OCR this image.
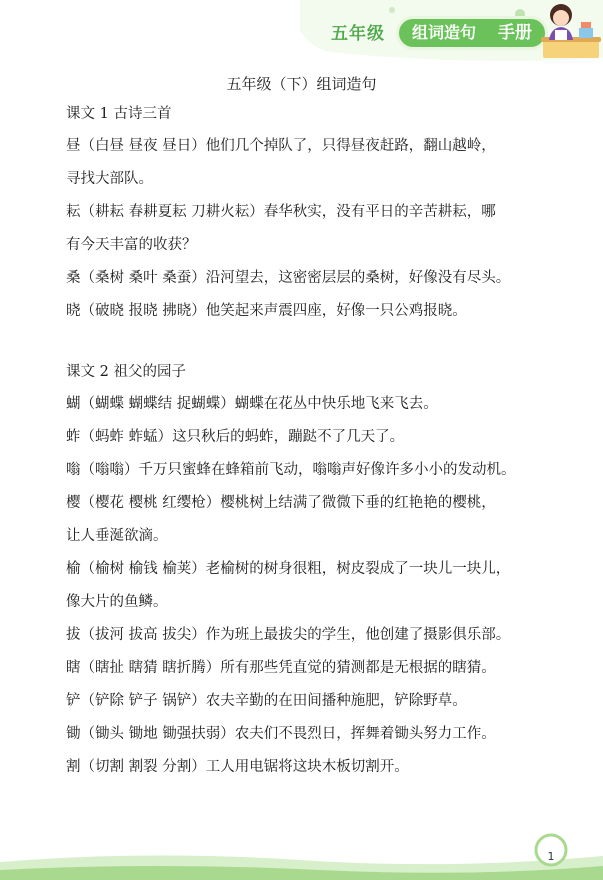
五年级	组词造句	手册
五年级（下）组词造句
课文 1 古诗三首
昼（白昼 昼夜 昼日）他们几个掉队了，只得昼夜赶路，翻山越岭，
寻找大部队。
耘（耕耘 春耕夏耘 刀耕火耘）春华秋实，没有平日的辛苦耕耘，哪
有今天丰富的收获？
桑（桑树 桑叶 桑蚕）沿河望去，这密密层层的桑树，好像没有尽头。
晓（破晓 报晓 拂晓）他笑起来声震四座，好像一只公鸡报晓。
课文 2 祖父的园子
蝴（蝴蝶 蝴蝶结 捉蝴蝶）蝴蝶在花丛中快乐地飞来飞去。
蚱（蚂蚱 蚱蜢）这只秋后的蚂蚱，蹦跶不了几天了。
嗡（嗡嗡）千万只蜜蜂在蜂箱前飞动，嗡嗡声好像许多小小的发动机。
樱（樱花 樱桃 红缨枪）樱桃树上结满了微微下垂的红艳艳的樱桃，
让人垂涎欲滴。
榆（榆树 榆钱 榆荚）老榆树的树身很粗，树皮裂成了一块儿一块儿，
像大片的鱼鳞。
拔（拔河 拔高 拔尖）作为班上最拔尖的学生，他创建了摄影俱乐部。
瞎（瞎扯 瞎猜 瞎折腾）所有那些凭直觉的猜测都是无根据的瞎猜。
铲（铲除 铲子 锅铲）农夫辛勤的在田间播种施肥，铲除野草。
锄（锄头 锄地 锄强扶弱）农夫们不畏烈日，挥舞着锄头努力工作。
割（切割 割裂 分割）工人用电锯将这块木板切割开。
1
